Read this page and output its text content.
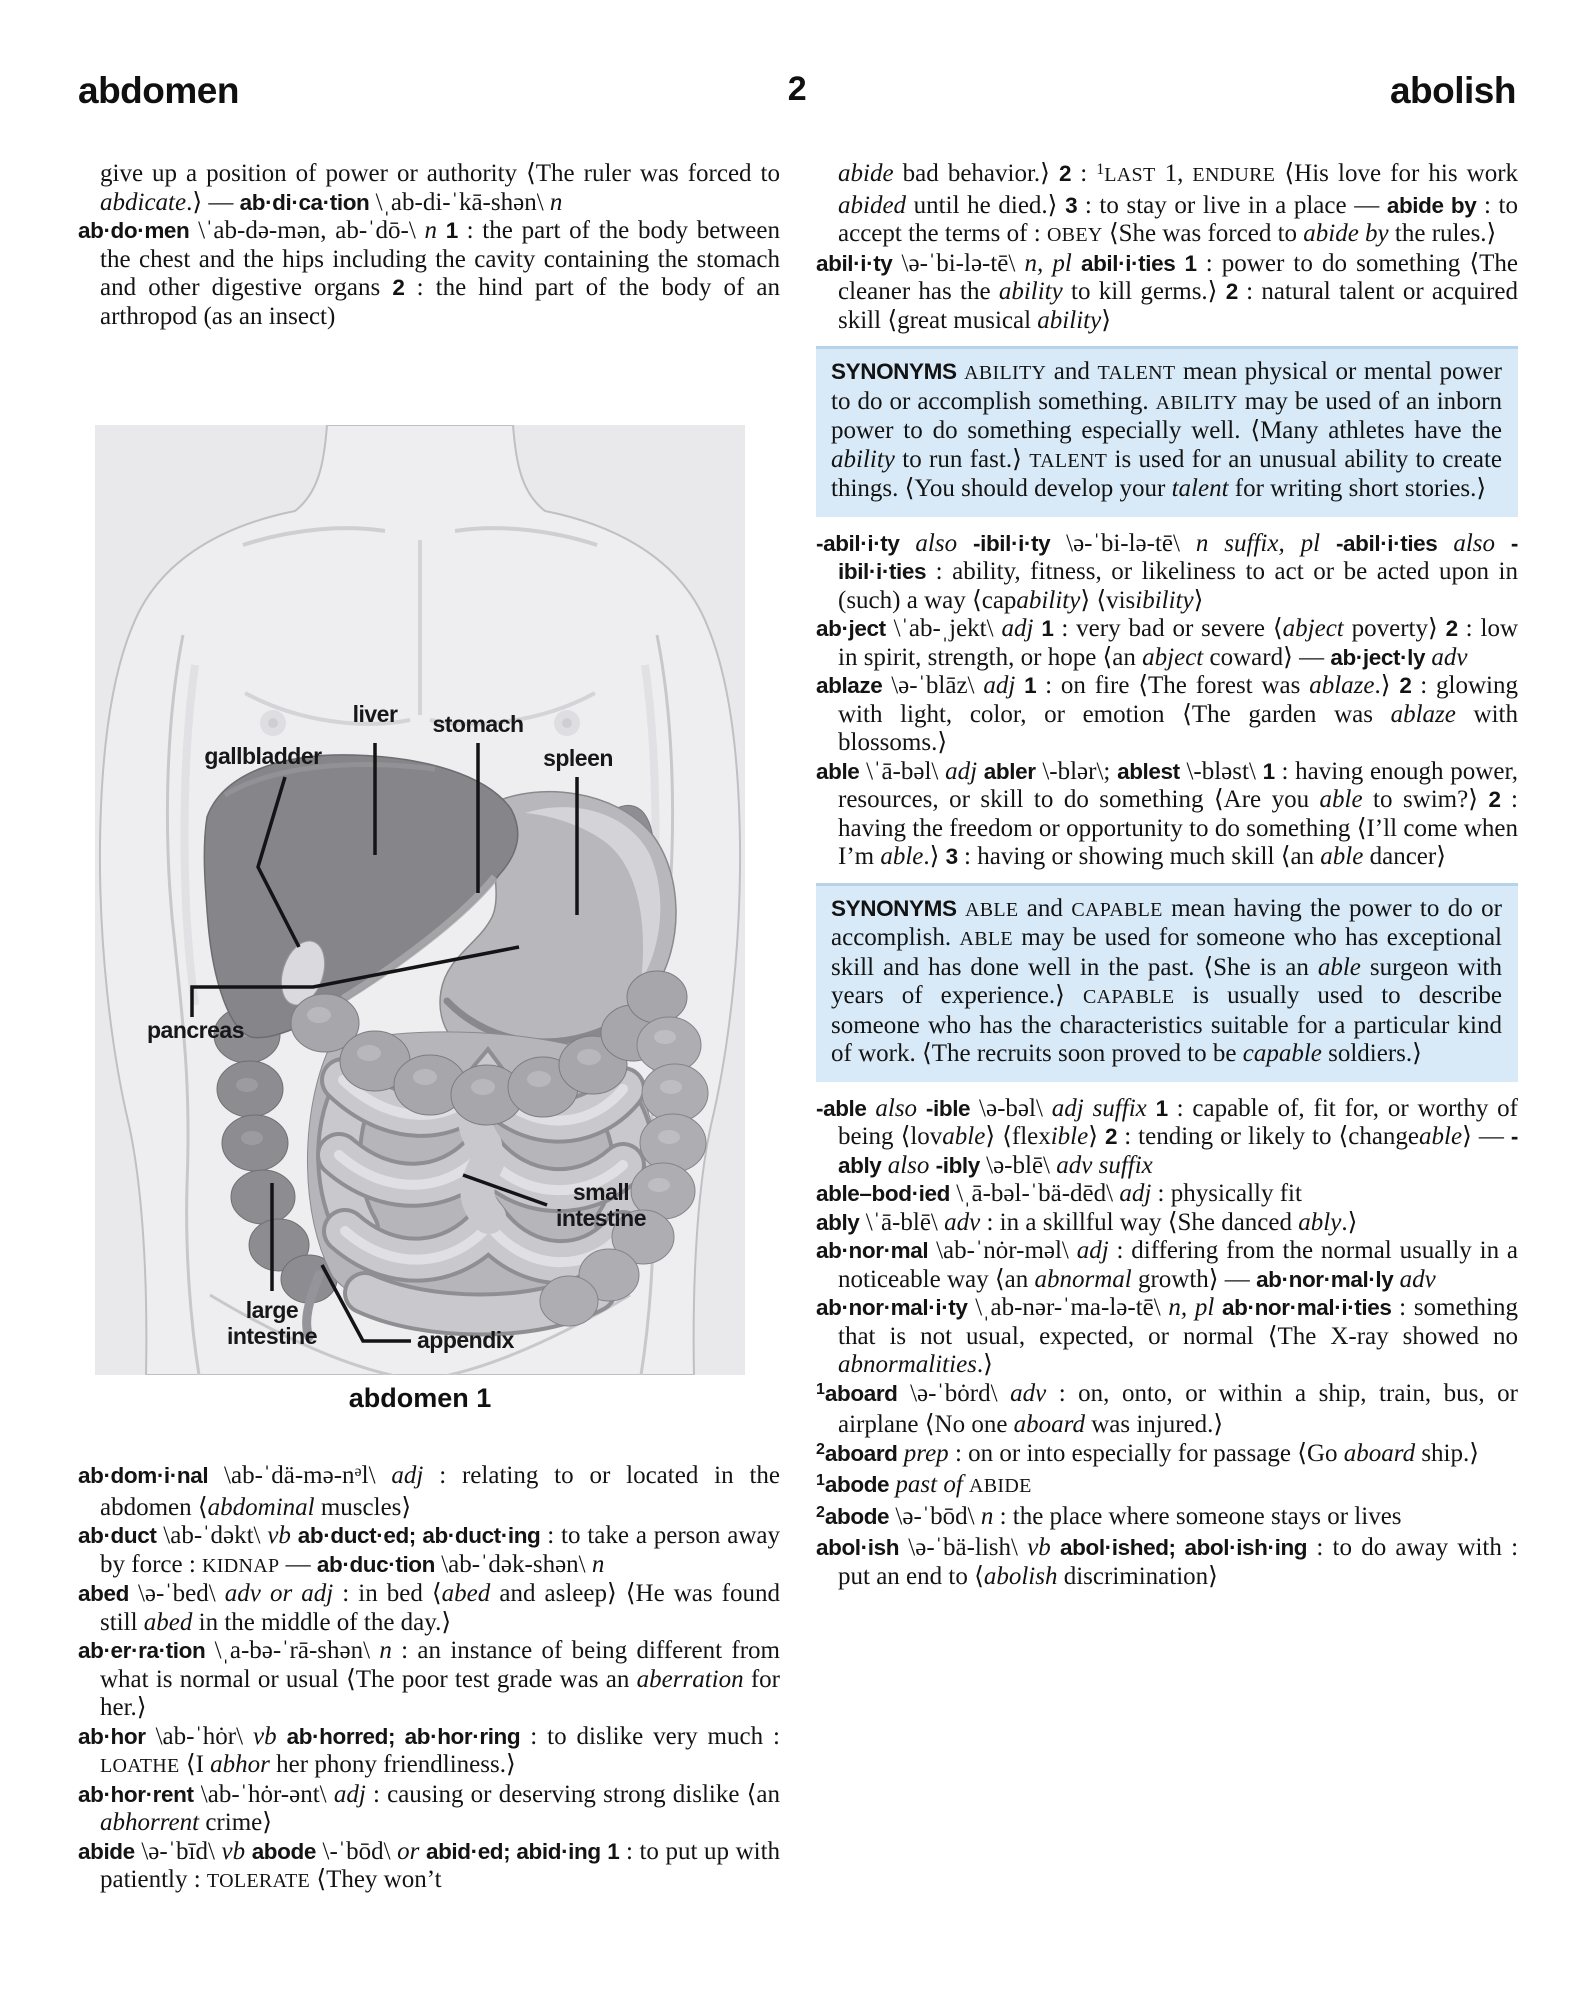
abdomen	2	abolish

give up a position of power or authority ⟨The ruler was forced to abdicate.⟩ — ab·di·ca·tion \ˌab-di-ˈkā-shən\ n

ab·do·men \ˈab-də-mən, ab-ˈdō-\ n 1 : the part of the body between the chest and the hips including the cavity containing the stomach and other digestive organs 2 : the hind part of the body of an arthropod (as an insect)

liver	stomach
gallbladder	spleen
pancreas
small intestine
large intestine	appendix
abdomen 1

ab·dom·i·nal $\backslash ab-ˈdä-mə-n^əl\backslash$ adj : relating to or located in the abdomen ⟨abdominal muscles⟩

ab·duct \ab-ˈdəkt\ vb ab·duct·ed; ab·duct·ing : to take a person away by force : KIDNAP — ab·duc·tion \ab-ˈdək-shən\ n

abed \ə-ˈbed\ adv or adj : in bed ⟨abed and asleep⟩ ⟨He was found still abed in the middle of the day.⟩

ab·er·ra·tion \ˌa-bə-ˈrā-shən\ n : an instance of being different from what is normal or usual ⟨The poor test grade was an aberration for her.⟩

ab·hor \ab-ˈhȯr\ vb ab·horred; ab·hor·ring : to dislike very much : LOATHE ⟨I abhor her phony friendliness.⟩

ab·hor·rent \ab-ˈhȯr-ənt\ adj : causing or deserving strong dislike ⟨an abhorrent crime⟩

abide \ə-ˈbīd\ vb abode \-ˈbōd\ or abid·ed; abid·ing 1 : to put up with patiently : TOLERATE ⟨They won’t

abide bad behavior.⟩ 2 : $^1$LAST 1, ENDURE ⟨His love for his work abided until he died.⟩ 3 : to stay or live in a place — abide by : to accept the terms of : OBEY ⟨She was forced to abide by the rules.⟩

abil·i·ty \ə-ˈbi-lə-tē\ n, pl abil·i·ties 1 : power to do something ⟨The cleaner has the ability to kill germs.⟩ 2 : natural talent or acquired skill ⟨great musical ability⟩

SYNONYMS ABILITY and TALENT mean physical or mental power to do or accomplish something. ABILITY may be used of an inborn power to do something especially well. ⟨Many athletes have the ability to run fast.⟩ TALENT is used for an unusual ability to create things. ⟨You should develop your talent for writing short stories.⟩

-abil·i·ty also -ibil·i·ty \ə-ˈbi-lə-tē\ n suffix, pl -abil·i·ties also -ibil·i·ties : ability, fitness, or likeliness to act or be acted upon in (such) a way ⟨capability⟩ ⟨visibility⟩

ab·ject \ˈab-ˌjekt\ adj 1 : very bad or severe ⟨abject poverty⟩ 2 : low in spirit, strength, or hope ⟨an abject coward⟩ — ab·ject·ly adv

ablaze \ə-ˈblāz\ adj 1 : on fire ⟨The forest was ablaze.⟩ 2 : glowing with light, color, or emotion ⟨The garden was ablaze with blossoms.⟩

able \ˈā-bəl\ adj abler \-blər\; ablest \-bləst\ 1 : having enough power, resources, or skill to do something ⟨Are you able to swim?⟩ 2 : having the freedom or opportunity to do something ⟨I’ll come when I’m able.⟩ 3 : having or showing much skill ⟨an able dancer⟩

SYNONYMS ABLE and CAPABLE mean having the power to do or accomplish. ABLE may be used for someone who has exceptional skill and has done well in the past. ⟨She is an able surgeon with years of experience.⟩ CAPABLE is usually used to describe someone who has the characteristics suitable for a particular kind of work. ⟨The recruits soon proved to be capable soldiers.⟩

-able also -ible \ə-bəl\ adj suffix 1 : capable of, fit for, or worthy of being ⟨lovable⟩ ⟨flexible⟩ 2 : tending or likely to ⟨changeable⟩ — -ably also -ibly \ə-blē\ adv suffix

able–bod·ied \ˌā-bəl-ˈbä-dēd\ adj : physically fit

ably \ˈā-blē\ adv : in a skillful way ⟨She danced ably.⟩

ab·nor·mal \ab-ˈnȯr-məl\ adj : differing from the normal usually in a noticeable way ⟨an abnormal growth⟩ — ab·nor·mal·ly adv

ab·nor·mal·i·ty \ˌab-nər-ˈma-lə-tē\ n, pl ab·nor·mal·i·ties : something that is not usual, expected, or normal ⟨The X-ray showed no abnormalities.⟩

$^1$aboard \ə-ˈbȯrd\ adv : on, onto, or within a ship, train, bus, or airplane ⟨No one aboard was injured.⟩

$^2$aboard prep : on or into especially for passage ⟨Go aboard ship.⟩

$^1$abode past of ABIDE

$^2$abode \ə-ˈbōd\ n : the place where someone stays or lives

abol·ish \ə-ˈbä-lish\ vb abol·ished; abol·ish·ing : to do away with : put an end to ⟨abolish discrimination⟩
